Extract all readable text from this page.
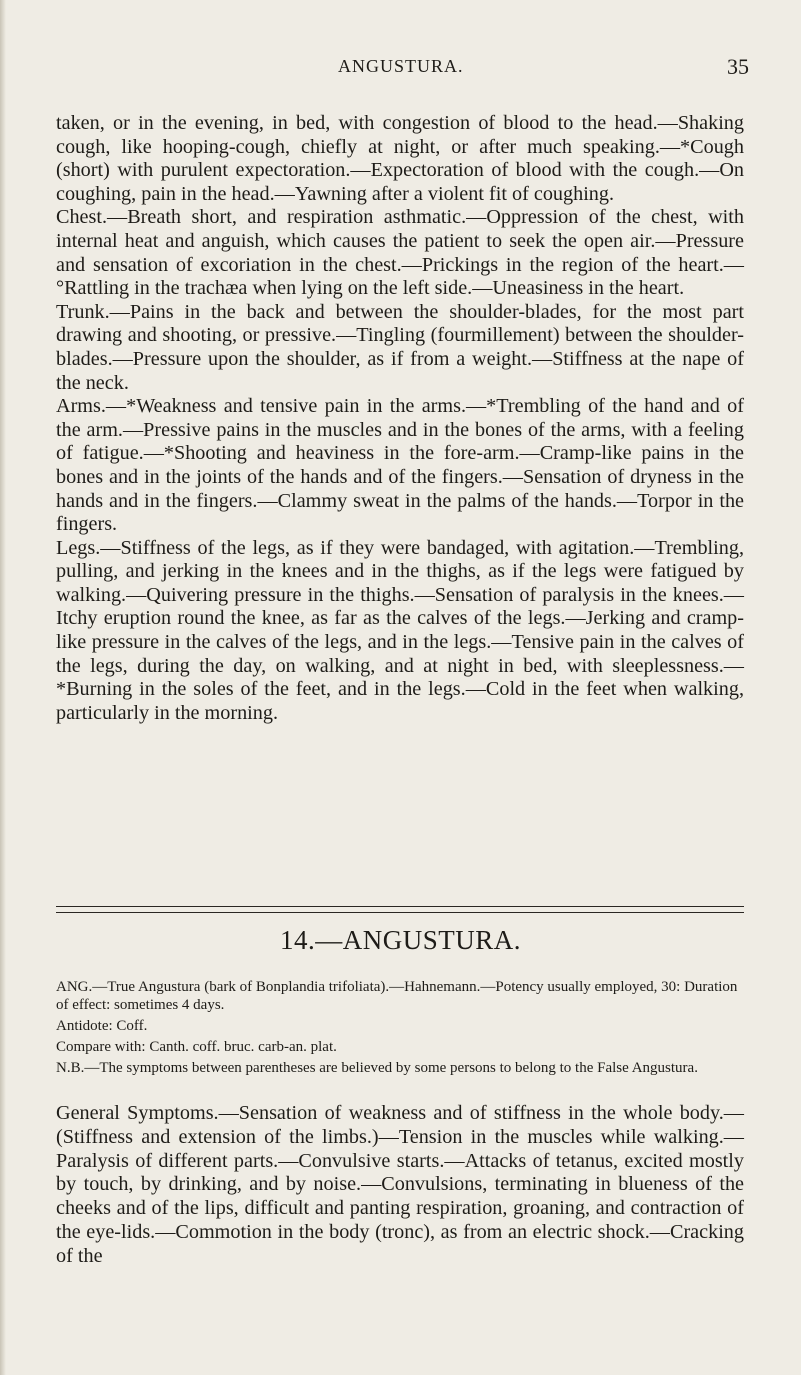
ANGUSTURA.	35

taken, or in the evening, in bed, with congestion of blood to the head.—Shaking cough, like hooping-cough, chiefly at night, or after much speaking.—*Cough (short) with purulent expectoration.—Expectoration of blood with the cough.—On coughing, pain in the head.—Yawning after a violent fit of coughing.

Chest.—Breath short, and respiration asthmatic.—Oppression of the chest, with internal heat and anguish, which causes the patient to seek the open air.—Pressure and sensation of excoriation in the chest.—Prickings in the region of the heart.—°Rattling in the trachæa when lying on the left side.—Uneasiness in the heart.

Trunk.—Pains in the back and between the shoulder-blades, for the most part drawing and shooting, or pressive.—Tingling (fourmillement) between the shoulder-blades.—Pressure upon the shoulder, as if from a weight.—Stiffness at the nape of the neck.

Arms.—*Weakness and tensive pain in the arms.—*Trembling of the hand and of the arm.—Pressive pains in the muscles and in the bones of the arms, with a feeling of fatigue.—*Shooting and heaviness in the fore-arm.—Cramp-like pains in the bones and in the joints of the hands and of the fingers.—Sensation of dryness in the hands and in the fingers.—Clammy sweat in the palms of the hands.—Torpor in the fingers.

Legs.—Stiffness of the legs, as if they were bandaged, with agitation.—Trembling, pulling, and jerking in the knees and in the thighs, as if the legs were fatigued by walking.—Quivering pressure in the thighs.—Sensation of paralysis in the knees.—Itchy eruption round the knee, as far as the calves of the legs.—Jerking and cramp-like pressure in the calves of the legs, and in the legs.—Tensive pain in the calves of the legs, during the day, on walking, and at night in bed, with sleeplessness.—*Burning in the soles of the feet, and in the legs.—Cold in the feet when walking, particularly in the morning.

14.—ANGUSTURA.

ANG.—True Angustura (bark of Bonplandia trifoliata).—Hahnemann.—Potency usually employed, 30: Duration of effect: sometimes 4 days.

Antidote: Coff.

Compare with: Canth. coff. bruc. carb-an. plat.

N.B.—The symptoms between parentheses are believed by some persons to belong to the False Angustura.

General Symptoms.—Sensation of weakness and of stiffness in the whole body.—(Stiffness and extension of the limbs.)—Tension in the muscles while walking.—Paralysis of different parts.—Convulsive starts.—Attacks of tetanus, excited mostly by touch, by drinking, and by noise.—Convulsions, terminating in blueness of the cheeks and of the lips, difficult and panting respiration, groaning, and contraction of the eye-lids.—Commotion in the body (tronc), as from an electric shock.—Cracking of the
